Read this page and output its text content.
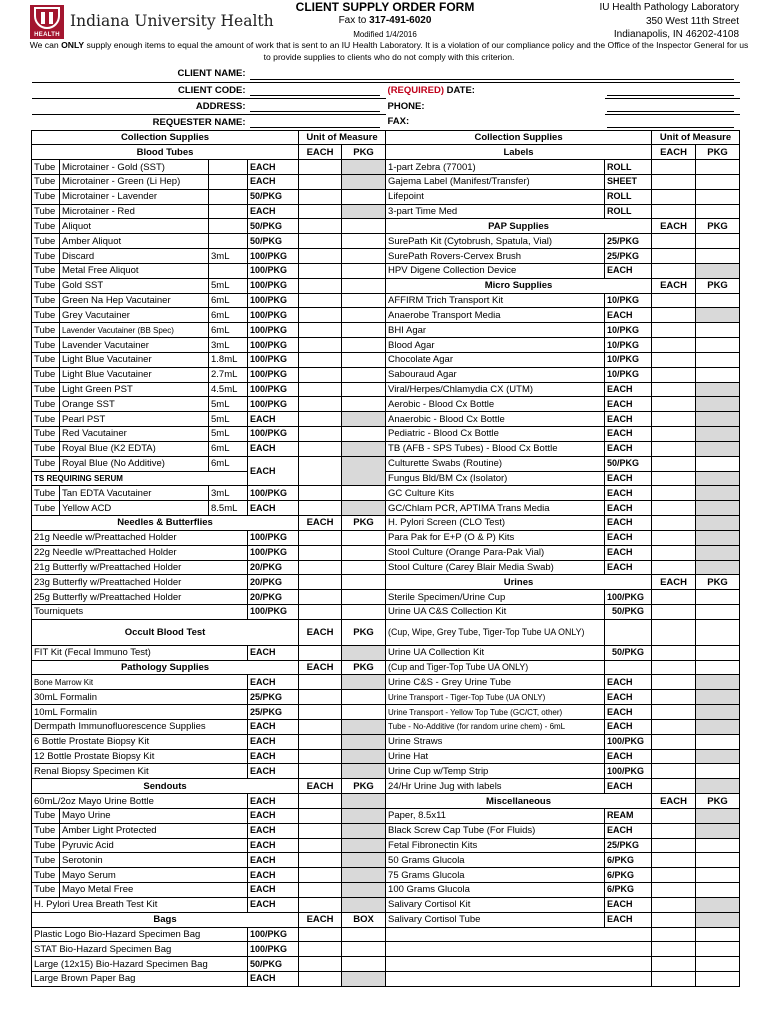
HEALTH
Indiana University Health
CLIENT SUPPLY ORDER FORM
Fax to 317-491-6020
Modified 1/4/2016
IU Health Pathology Laboratory
350 West 11th Street
Indianapolis, IN 46202-4108
We can ONLY supply enough items to equal the amount of work that is sent to an IU Health Laboratory. It is a violation of our compliance policy and the Office of the Inspector General for us to provide supplies to clients who do not comply with this criterion.
CLIENT NAME:									

CLIENT CODE:						(REQUIRED) DATE:			

ADDRESS:						PHONE:			

REQUESTER NAME:						FAX:			

Collection Supplies				Unit of Measure		Collection Supplies		Unit of Measure	
Blood Tubes				EACH	PKG	Labels		EACH	PKG
Tube	Microtainer - Gold (SST)		EACH			1-part Zebra (77001)	ROLL		
Tube	Microtainer - Green (Li Hep)		EACH			Gajema Label (Manifest/Transfer)	SHEET		
Tube	Microtainer - Lavender		50/PKG			Lifepoint	ROLL		
Tube	Microtainer - Red		EACH			3-part Time Med	ROLL		
Tube	Aliquot		50/PKG			PAP Supplies		EACH	PKG
Tube	Amber Aliquot		50/PKG			SurePath Kit (Cytobrush, Spatula, Vial)	25/PKG		
Tube	Discard	3mL	100/PKG			SurePath Rovers-Cervex Brush	25/PKG		
Tube	Metal Free Aliquot		100/PKG			HPV Digene Collection Device	EACH		
Tube	Gold SST	5mL	100/PKG			Micro Supplies		EACH	PKG
Tube	Green Na Hep Vacutainer	6mL	100/PKG			AFFIRM Trich Transport Kit	10/PKG		
Tube	Grey Vacutainer	6mL	100/PKG			Anaerobe Transport Media	EACH		
Tube	Lavender Vacutainer (BB Spec)	6mL	100/PKG			BHI Agar	10/PKG		
Tube	Lavender Vacutainer	3mL	100/PKG			Blood Agar	10/PKG		
Tube	Light Blue Vacutainer	1.8mL	100/PKG			Chocolate Agar	10/PKG		
Tube	Light Blue Vacutainer	2.7mL	100/PKG			Sabouraud Agar	10/PKG		
Tube	Light Green PST	4.5mL	100/PKG			Viral/Herpes/Chlamydia CX (UTM)	EACH		
Tube	Orange SST	5mL	100/PKG			Aerobic - Blood Cx Bottle	EACH		
Tube	Pearl PST	5mL	EACH			Anaerobic - Blood Cx Bottle	EACH		
Tube	Red Vacutainer	5mL	100/PKG			Pediatric - Blood Cx Bottle	EACH		
Tube	Royal Blue (K2 EDTA)	6mL	EACH			TB (AFB - SPS Tubes) - Blood Cx Bottle	EACH		
Tube	Royal Blue (No Additive)	6mL	EACH			Culturette Swabs (Routine)	50/PKG		
TS REQUIRING SERUM						Fungus Bld/BM Cx (Isolator)	EACH		
Tube	Tan EDTA Vacutainer	3mL	100/PKG			GC Culture Kits	EACH		
Tube	Yellow ACD	8.5mL	EACH			GC/Chlam PCR, APTIMA Trans Media	EACH		
Needles & Butterflies				EACH	PKG	H. Pylori Screen (CLO Test)	EACH		
21g Needle w/Preattached Holder			100/PKG			Para Pak for E+P (O & P) Kits	EACH		
22g Needle w/Preattached Holder			100/PKG			Stool Culture (Orange Para-Pak Vial)	EACH		
21g Butterfly w/Preattached Holder			20/PKG			Stool Culture (Carey Blair Media Swab)	EACH		
23g Butterfly w/Preattached Holder			20/PKG			Urines		EACH	PKG
25g Butterfly w/Preattached Holder			20/PKG			Sterile Specimen/Urine Cup	100/PKG		
Tourniquets			100/PKG			Urine UA C&S Collection Kit	50/PKG		
Occult Blood Test				EACH	PKG	(Cup, Wipe, Grey Tube, Tiger-Top Tube UA ONLY)			
FIT Kit (Fecal Immuno Test)			EACH			Urine UA Collection Kit	50/PKG		
Pathology Supplies				EACH	PKG	(Cup and Tiger-Top Tube UA ONLY)			
Bone Marrow Kit			EACH			Urine C&S - Grey Urine Tube	EACH		
30mL Formalin			25/PKG			Urine Transport - Tiger-Top Tube (UA ONLY)	EACH		
10mL Formalin			25/PKG			Urine Transport - Yellow Top Tube (GC/CT, other)	EACH		
Dermpath Immunofluorescence Supplies			EACH			Tube - No-Additive (for random urine chem) - 6mL	EACH		
6 Bottle Prostate Biopsy Kit			EACH			Urine Straws	100/PKG		
12 Bottle Prostate Biopsy Kit			EACH			Urine Hat	EACH		
Renal Biopsy Specimen Kit			EACH			Urine Cup w/Temp Strip	100/PKG		
Sendouts				EACH	PKG	24/Hr Urine Jug with labels	EACH		
60mL/2oz Mayo Urine Bottle			EACH			Miscellaneous		EACH	PKG
Tube	Mayo Urine		EACH			Paper, 8.5x11	REAM		
Tube	Amber Light Protected		EACH			Black Screw Cap Tube (For Fluids)	EACH		
Tube	Pyruvic Acid		EACH			Fetal Fibronectin Kits	25/PKG		
Tube	Serotonin		EACH			50 Grams Glucola	6/PKG		
Tube	Mayo Serum		EACH			75 Grams Glucola	6/PKG		
Tube	Mayo Metal Free		EACH			100 Grams Glucola	6/PKG		
H. Pylori Urea Breath Test Kit			EACH			Salivary Cortisol Kit	EACH		
Bags				EACH	BOX	Salivary Cortisol Tube	EACH		
Plastic Logo Bio-Hazard Specimen Bag			100/PKG						
STAT Bio-Hazard Specimen Bag			100/PKG						
Large (12x15) Bio-Hazard Specimen Bag			50/PKG						
Large Brown Paper Bag			EACH						
